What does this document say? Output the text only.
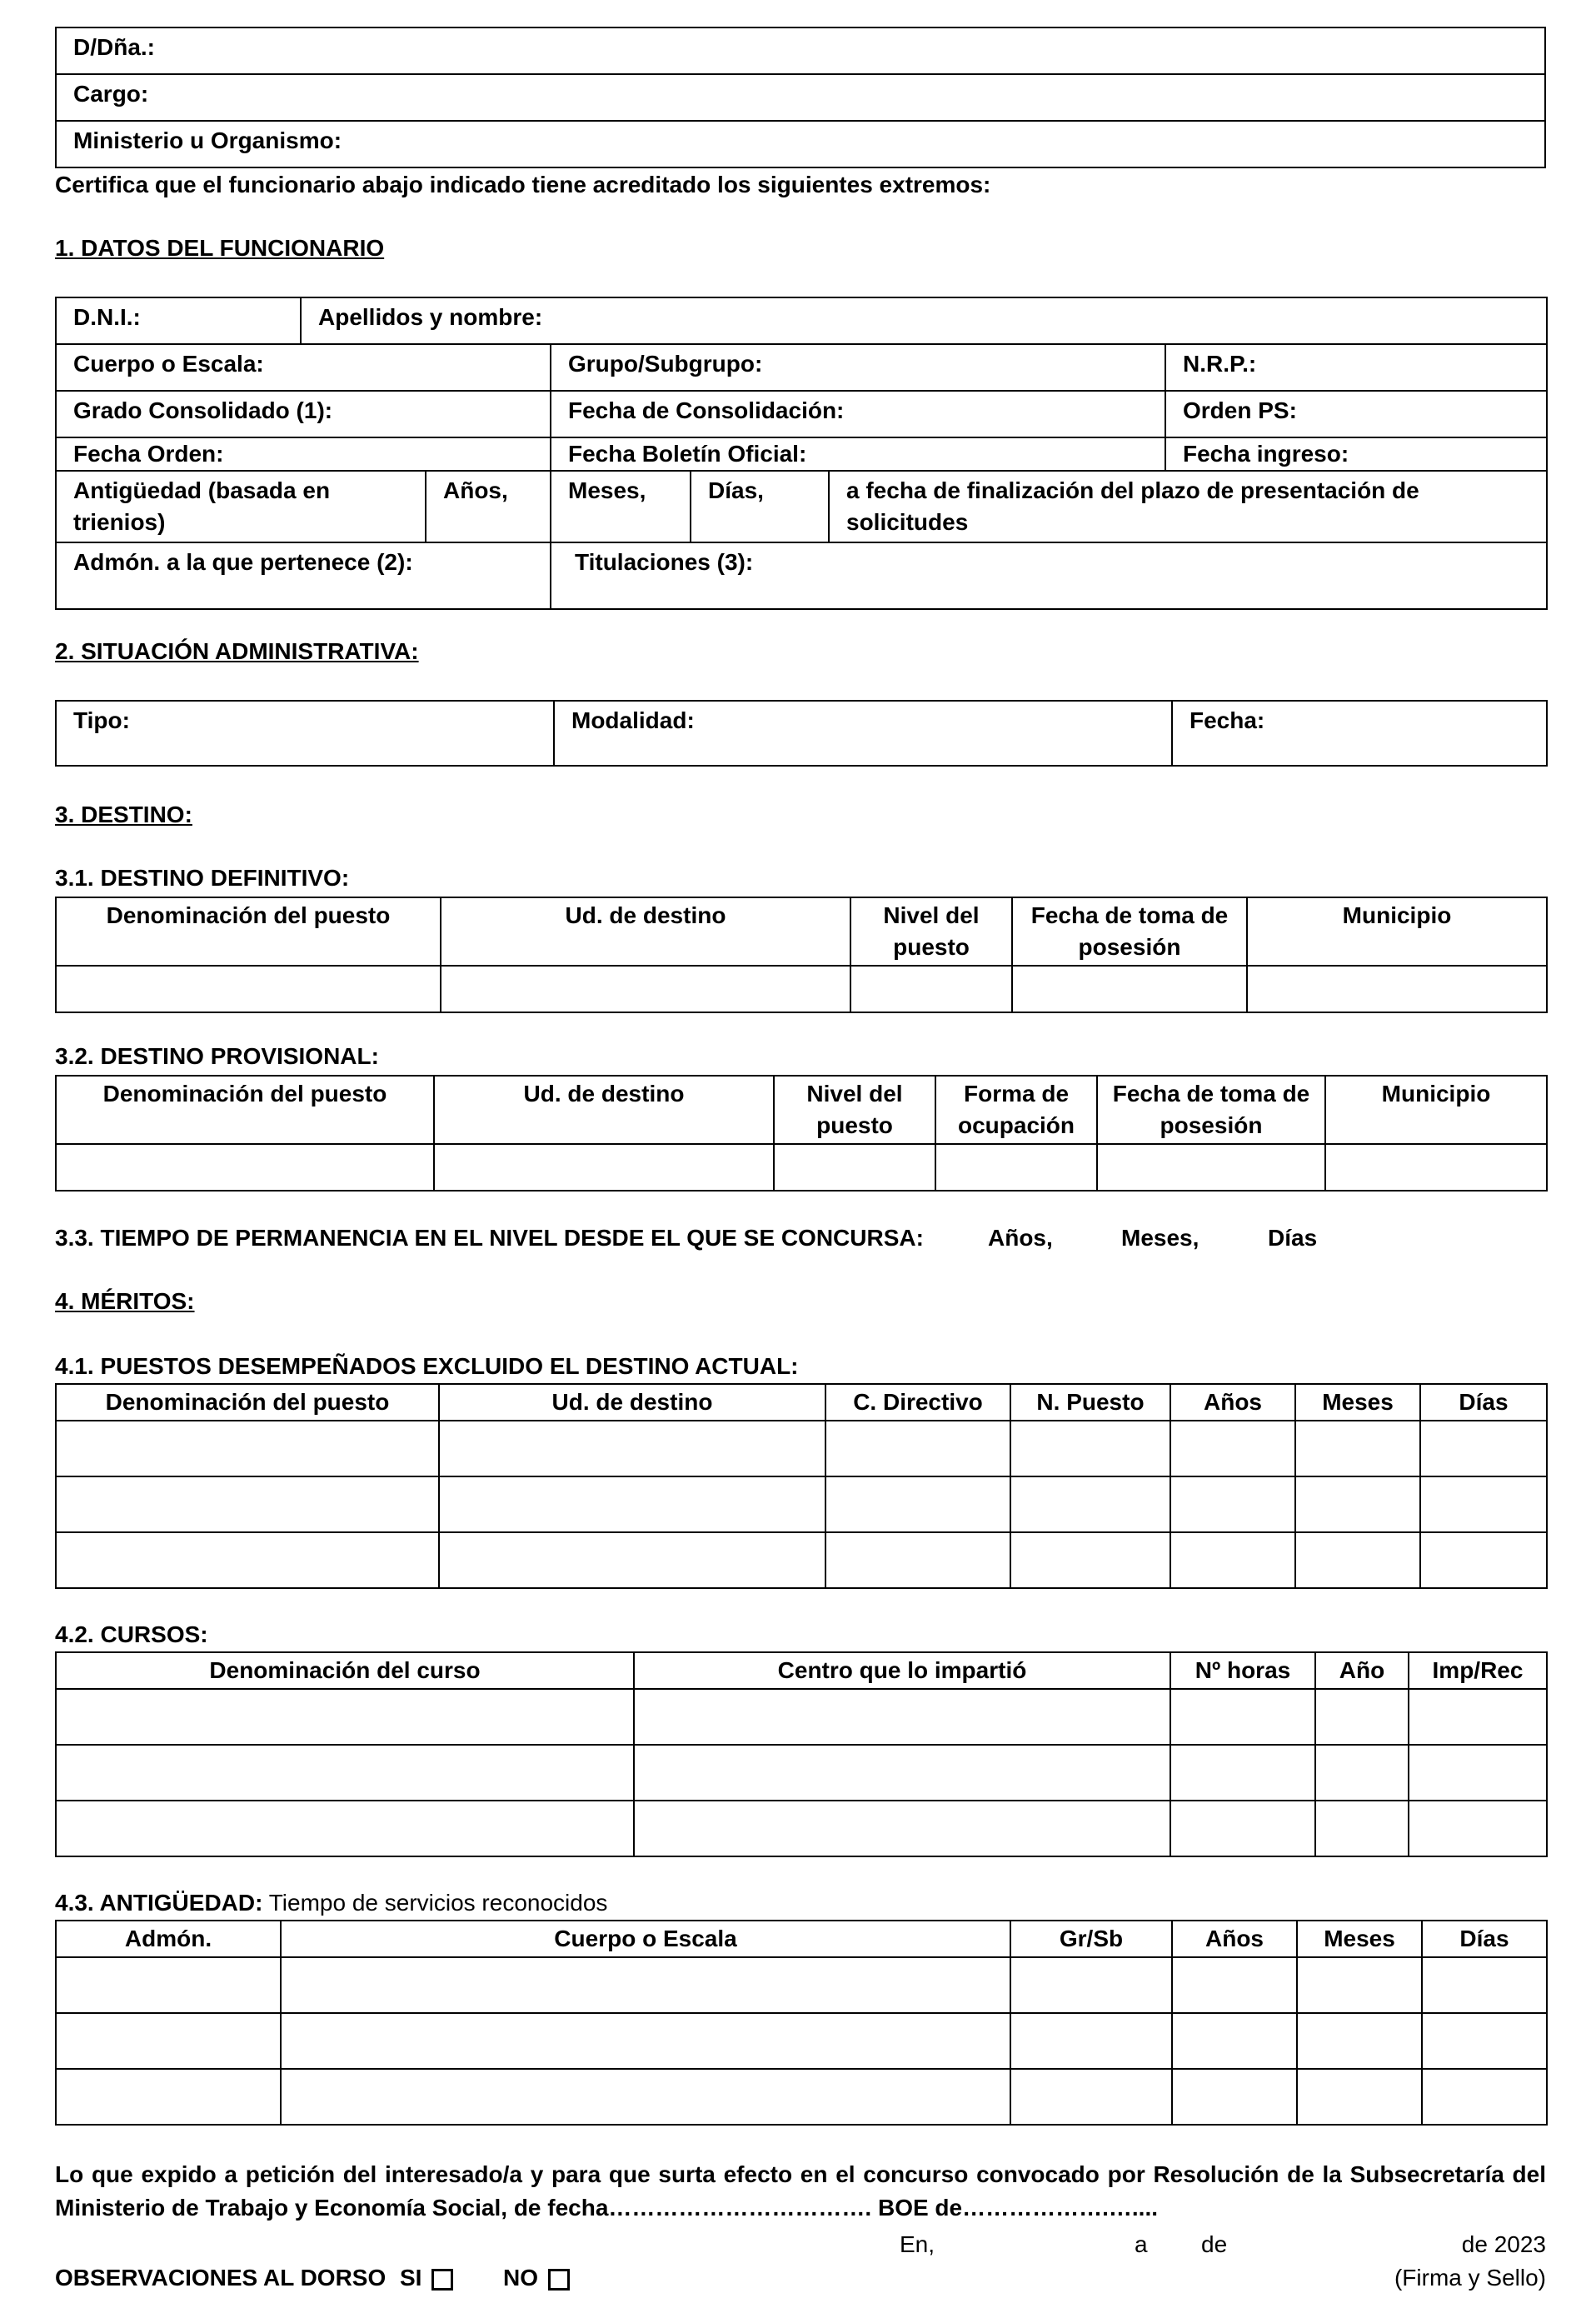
D/Dña.:
Cargo:
Ministerio u Organismo:

Certifica que el funcionario abajo indicado tiene acreditado los siguientes extremos:

1. DATOS DEL FUNCIONARIO

D.N.I.:	Apellidos y nombre:					
Cuerpo o Escala:			Grupo/Subgrupo:			N.R.P.:
Grado Consolidado (1):			Fecha de Consolidación:			Orden PS:
Fecha Orden:			Fecha Boletín Oficial:			Fecha ingreso:
Antigüedad (basada en trienios)		Años,	Meses,	Días,	a fecha de finalización del plazo de presentación de solicitudes	
Admón. a la que pertenece (2):			Titulaciones (3):			

2. SITUACIÓN ADMINISTRATIVA:

Tipo:	Modalidad:	Fecha:

3. DESTINO:

3.1. DESTINO DEFINITIVO:

Denominación del puesto	Ud. de destino	Nivel del puesto	Fecha de toma de posesión	Municipio

3.2. DESTINO PROVISIONAL:

Denominación del puesto	Ud. de destino	Nivel del puesto	Forma de ocupación	Fecha de toma de posesión	Municipio

3.3. TIEMPO DE PERMANENCIA EN EL NIVEL DESDE EL QUE SE CONCURSA:	Años,	Meses,	Días

4. MÉRITOS:

4.1. PUESTOS DESEMPEÑADOS EXCLUIDO EL DESTINO ACTUAL:

Denominación del puesto	Ud. de destino	C. Directivo	N. Puesto	Años	Meses	Días

4.2. CURSOS:

Denominación del curso	Centro que lo impartió	Nº horas	Año	Imp/Rec

4.3. ANTIGÜEDAD: Tiempo de servicios reconocidos

Admón.	Cuerpo o Escala	Gr/Sb	Años	Meses	Días

Lo que expido a petición del interesado/a y para que surta efecto en el concurso convocado por Resolución de la Subsecretaría del Ministerio de Trabajo y Economía Social, de fecha……………………………. BOE de……………….…....

En,	a de	de 2023
OBSERVACIONES AL DORSO SI	NO	(Firma y Sello)
